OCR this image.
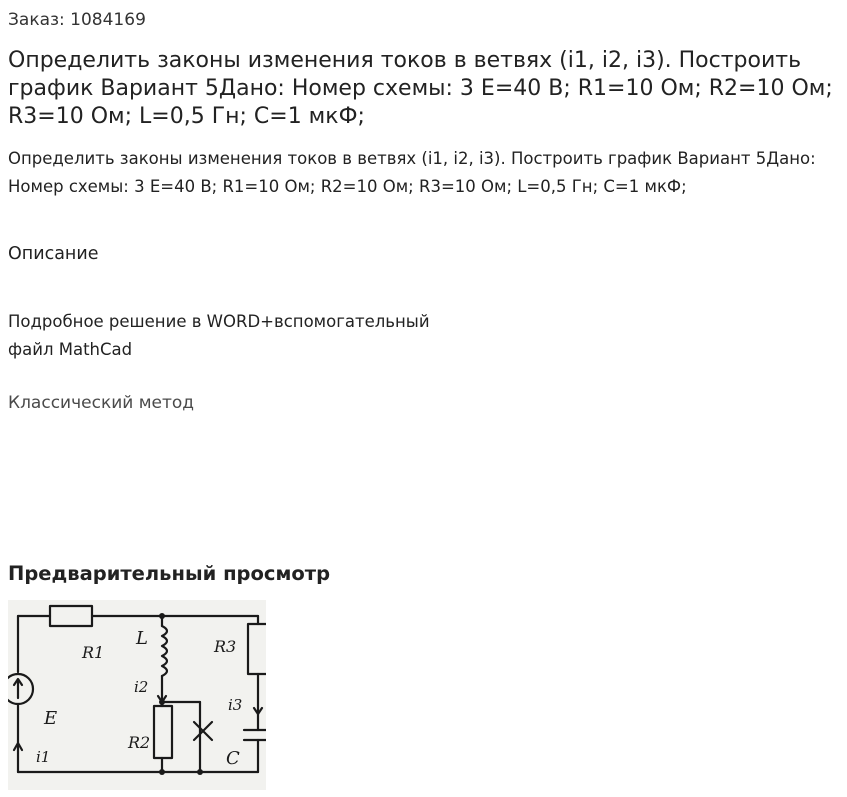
Заказ: 1084169
Определить законы изменения токов в ветвях (i1, i2, i3). Построить график Вариант 5Дано: Номер схемы: 3 E=40 В; R1=10 Ом; R2=10 Ом; R3=10 Ом; L=0,5 Гн; C=1 мкФ;

Определить законы изменения токов в ветвях (i1, i2, i3). Построить график Вариант 5Дано: Номер схемы: 3 E=40 В; R1=10 Ом; R2=10 Ом; R3=10 Ом; L=0,5 Гн; C=1 мкФ;

Описание

Подробное решение в WORD+вспомогательный
файл MathCad

Классический метод
Предварительный просмотр
R1
L	R3
i2
E
i3
R2
C
i1
